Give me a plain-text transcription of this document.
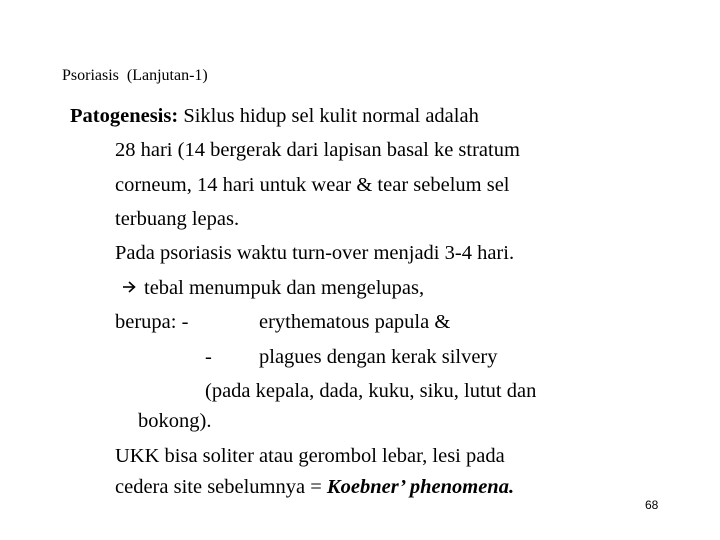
Psoriasis  (Lanjutan-1)
Patogenesis: Siklus hidup sel kulit normal adalah
28 hari (14 bergerak dari lapisan basal ke stratum
corneum, 14 hari untuk wear & tear sebelum sel
terbuang lepas.
Pada psoriasis waktu turn-over menjadi 3-4 hari.
tebal menumpuk dan mengelupas,
berupa: -	erythematous papula &
- plagues dengan kerak silvery
(pada kepala, dada, kuku, siku, lutut dan
bokong).
UKK bisa soliter atau gerombol lebar, lesi pada
cedera site sebelumnya = Koebner’ phenomena.
68
